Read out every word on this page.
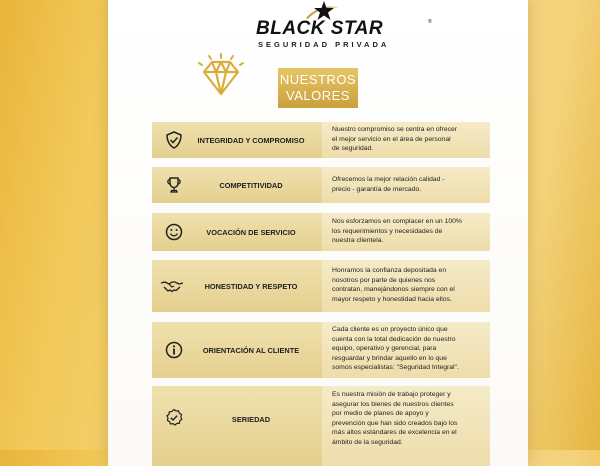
BLACK STAR	®
SEGURIDAD PRIVADA
NUESTROS
VALORES
INTEGRIDAD Y COMPROMISO
Nuestro compromiso se centra en ofrecer
el mejor servicio en el área de personal
de seguridad.
COMPETITIVIDAD
Ofrecemos la mejor relación calidad -
precio - garantía de mercado.
VOCACIÓN DE SERVICIO
Nos esforzamos en complacer en un 100%
los requerimientos y necesidades de
nuestra clientela.
HONESTIDAD Y RESPETO
Honramos la confianza depositada en
nosotros por parte de quienes nos
contratan, manejándonos siempre con el
mayor respeto y honestidad hacia ellos.
ORIENTACIÓN AL CLIENTE
Cada cliente es un proyecto único que
cuenta con la total dedicación de nuestro
equipo, operativo y gerencial, para
resguardar y brindar aquello en lo que
somos especialistas: "Seguridad Integral".
SERIEDAD
Es nuestra misión de trabajo proteger y
asegurar los bienes de nuestros clientes
por medio de planes de apoyo y
prevención que han sido creados bajo los
más altos estándares de excelencia en el
ámbito de la seguridad.
